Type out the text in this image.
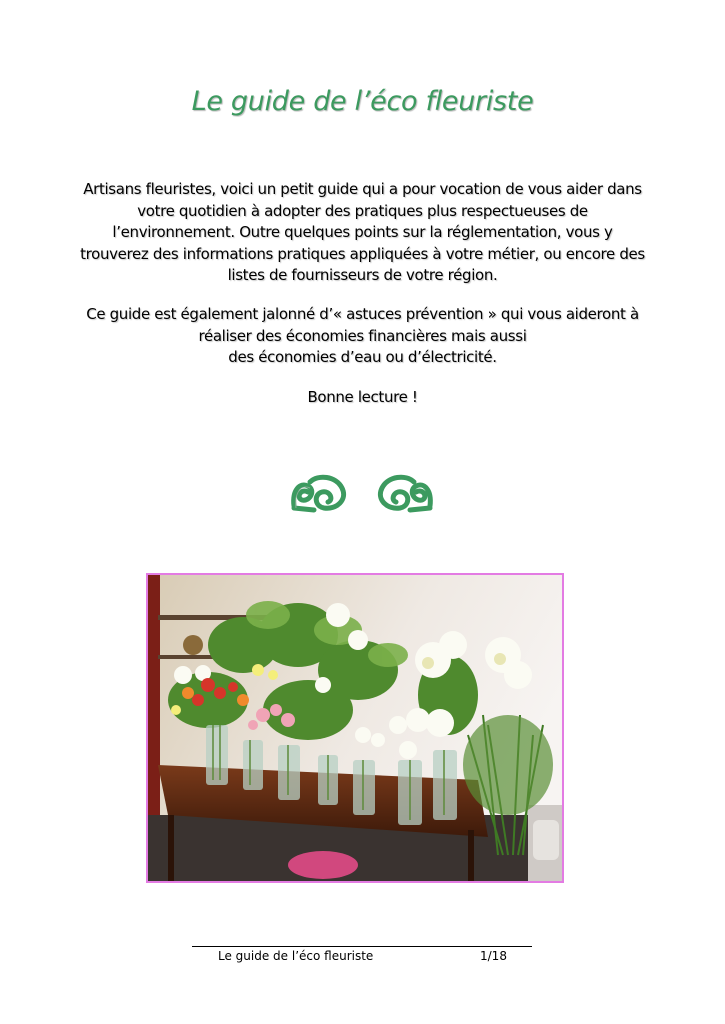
Le guide de l’éco fleuriste
Artisans fleuristes, voici un petit guide qui a pour vocation de vous aider dans
votre quotidien à adopter des pratiques plus respectueuses de
l’environnement. Outre quelques points sur la réglementation, vous y
trouverez des informations pratiques appliquées à votre métier, ou encore des
listes de fournisseurs de votre région.
Ce guide est également jalonné d’« astuces prévention » qui vous aideront à
réaliser des économies financières mais aussi
des économies d’eau ou d’électricité.
Bonne lecture !
Le guide de l’éco fleuriste	1/18
